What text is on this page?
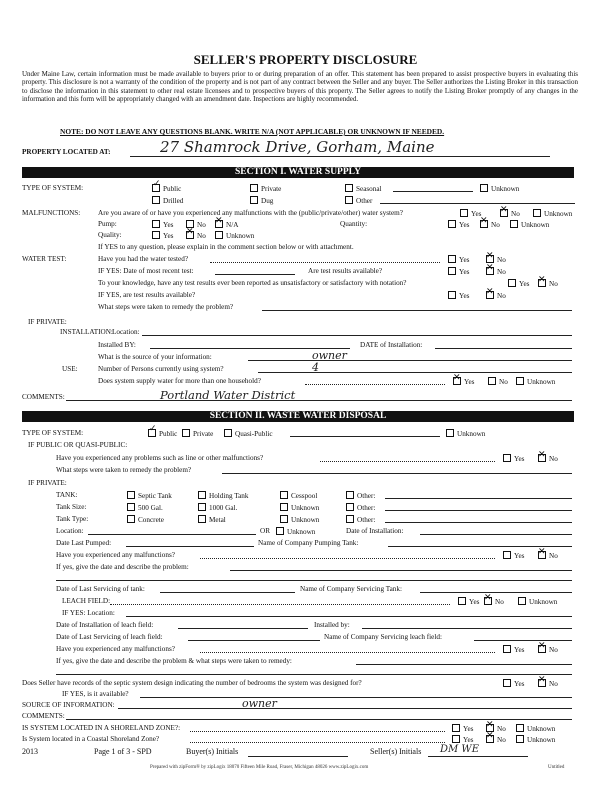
SELLER'S PROPERTY DISCLOSURE
Under Maine Law, certain information must be made available to buyers prior to or during preparation of an offer. This statement has been prepared to assist prospective buyers in evaluating this property. This disclosure is not a warranty of the condition of the property and is not part of any contract between the Seller and any buyer. The Seller authorizes the Listing Broker in this transaction to disclose the information in this statement to other real estate licensees and to prospective buyers of this property. The Seller agrees to notify the Listing Broker promptly of any changes in the information and this form will be appropriately changed with an amendment date. Inspections are highly recommended.
NOTE: DO NOT LEAVE ANY QUESTIONS BLANK. WRITE N/A (NOT APPLICABLE) OR UNKNOWN IF NEEDED.
PROPERTY LOCATED AT:	27 Shamrock Drive, Gorham, Maine
SECTION I. WATER SUPPLY
TYPE OF SYSTEM: ✓	Public	Private	Seasonal	Unknown
Drilled	Dug	Other
MALFUNCTIONS: Are you aware of or have you experienced any malfunctions with the (public/private/other) water system?	Yes ✕	No	Unknown
Pump:	Yes	No ✕	N/A	Quantity:	Yes ✕	No	Unknown
Quality:	Yes ✕	No	Unknown
If YES to any question, please explain in the comment section below or with attachment.
WATER TEST:	Have you had the water tested?	Yes ✕	No
IF YES: Date of most recent test:	Are test results available?	Yes ✕	No
To your knowledge, have any test results ever been reported as unsatisfactory or satisfactory with notation?	Yes ✕	No
IF YES, are test results available?	Yes ✕	No
What steps were taken to remedy the problem?
IF PRIVATE:
INSTALLATION: Location:
Installed BY:	DATE of Installation:
What is the source of your information:	owner
USE:	Number of Persons currently using system?	4
Does system supply water for more than one household? ✕	Yes	No	Unknown
COMMENTS:	Portland Water District
SECTION II. WASTE WATER DISPOSAL
TYPE OF SYSTEM: ✓	Public	Private	Quasi-Public	Unknown
IF PUBLIC OR QUASI-PUBLIC:
Have you experienced any problems such as line or other malfunctions?	Yes ✕	No
What steps were taken to remedy the problem?
IF PRIVATE:
TANK:	Septic Tank	Holding Tank	Cesspool	Other:
Tank Size:	500 Gal.	1000 Gal.	Unknown	Other:
Tank Type:	Concrete	Metal	Unknown	Other:
Location:	OR	Unknown	Date of Installation:
Date Last Pumped:	Name of Company Pumping Tank:
Have you experienced any malfunctions?	Yes ✕	No
If yes, give the date and describe the problem:
Date of Last Servicing of tank:	Name of Company Servicing Tank:
LEACH FIELD:	Yes ✕	No	Unknown
IF YES: Location:
Date of Installation of leach field:	Installed by:
Date of Last Servicing of leach field:	Name of Company Servicing leach field:
Have you experienced any malfunctions?	Yes ✕	No
If yes, give the date and describe the problem & what steps were taken to remedy:
Does Seller have records of the septic system design indicating the number of bedrooms the system was designed for?	Yes ✕	No
IF YES, is it available?
SOURCE OF INFORMATION:	owner
COMMENTS:
IS SYSTEM LOCATED IN A SHORELAND ZONE?:	Yes ✕	No	Unknown
Is System located in a Coastal Shoreland Zone?	Yes ✕	No	Unknown
2013	Page 1 of 3 - SPD	Buyer(s) Initials	Seller(s) Initials DM WE
Prepared with zipForm® by zipLogix 18070 Fifteen Mile Road, Fraser, Michigan 48026 www.zipLogix.com	Untitled
